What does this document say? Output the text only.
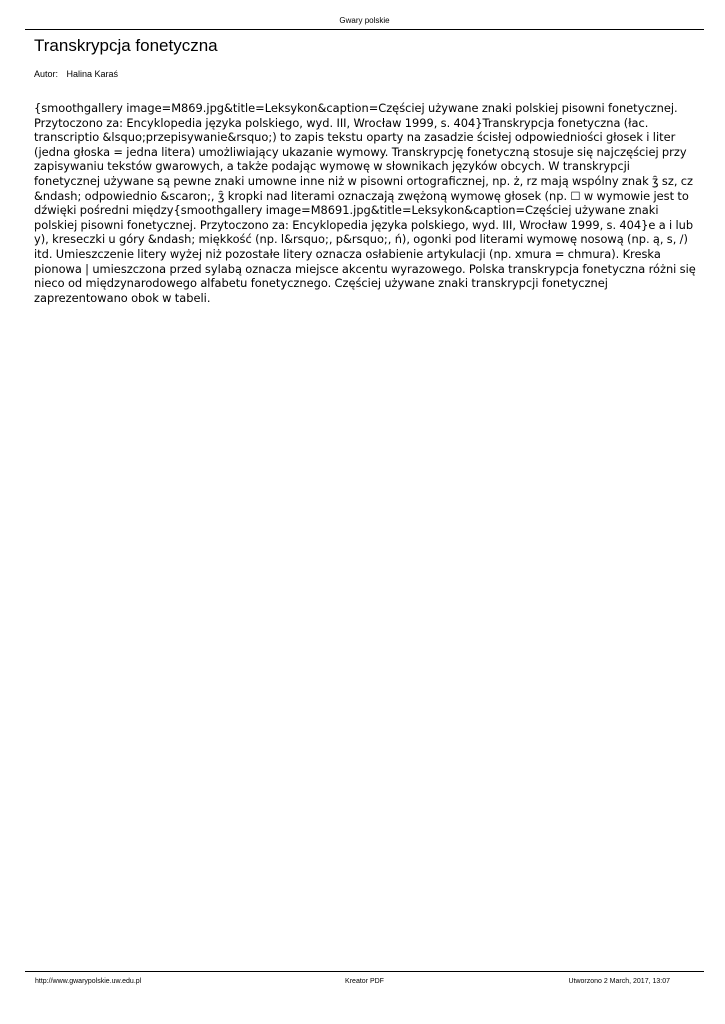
Gwary polskie
Transkrypcja fonetyczna
Autor: Halina Karaś

{smoothgallery image=M869.jpg&title=Leksykon&caption=Częściej używane znaki polskiej pisowni fonetycznej. Przytoczono za: Encyklopedia języka polskiego, wyd. III, Wrocław 1999, s. 404}Transkrypcja fonetyczna (łac. transcriptio &lsquo;przepisywanie&rsquo;) to zapis tekstu oparty na zasadzie ścisłej odpowiedniości głosek i liter (jedna głoska = jedna litera) umożliwiający ukazanie wymowy. Transkrypcję fonetyczną stosuje się najczęściej przy zapisywaniu tekstów gwarowych, a także podając wymowę w słownikach języków obcych. W transkrypcji fonetycznej używane są pewne znaki umowne inne niż w pisowni ortograficznej, np. ż, rz mają wspólny znak ʒ̑ sz, cz &ndash; odpowiednio &scaron;, ʒ̑ kropki nad literami oznaczają zwężoną wymowę głosek (np. ☐ w wymowie jest to dźwięki pośredni między{smoothgallery image=M8691.jpg&title=Leksykon&caption=Częściej używane znaki polskiej pisowni fonetycznej. Przytoczono za: Encyklopedia języka polskiego, wyd. III, Wrocław 1999, s. 404}e a i lub y), kreseczki u góry &ndash; miękkość (np. l&rsquo;, p&rsquo;, ń), ogonki pod literami wymowę nosową (np. ą, s, /) itd. Umieszczenie litery wyżej niż pozostałe litery oznacza osłabienie artykulacji (np. xmura = chmura). Kreska pionowa | umieszczona przed sylabą oznacza miejsce akcentu wyrazowego. Polska transkrypcja fonetyczna różni się nieco od międzynarodowego alfabetu fonetycznego. Częściej używane znaki transkrypcji fonetycznej zaprezentowano obok w tabeli.

http://www.gwarypolskie.uw.edu.pl	Kreator PDF	Utworzono 2 March, 2017, 13:07
